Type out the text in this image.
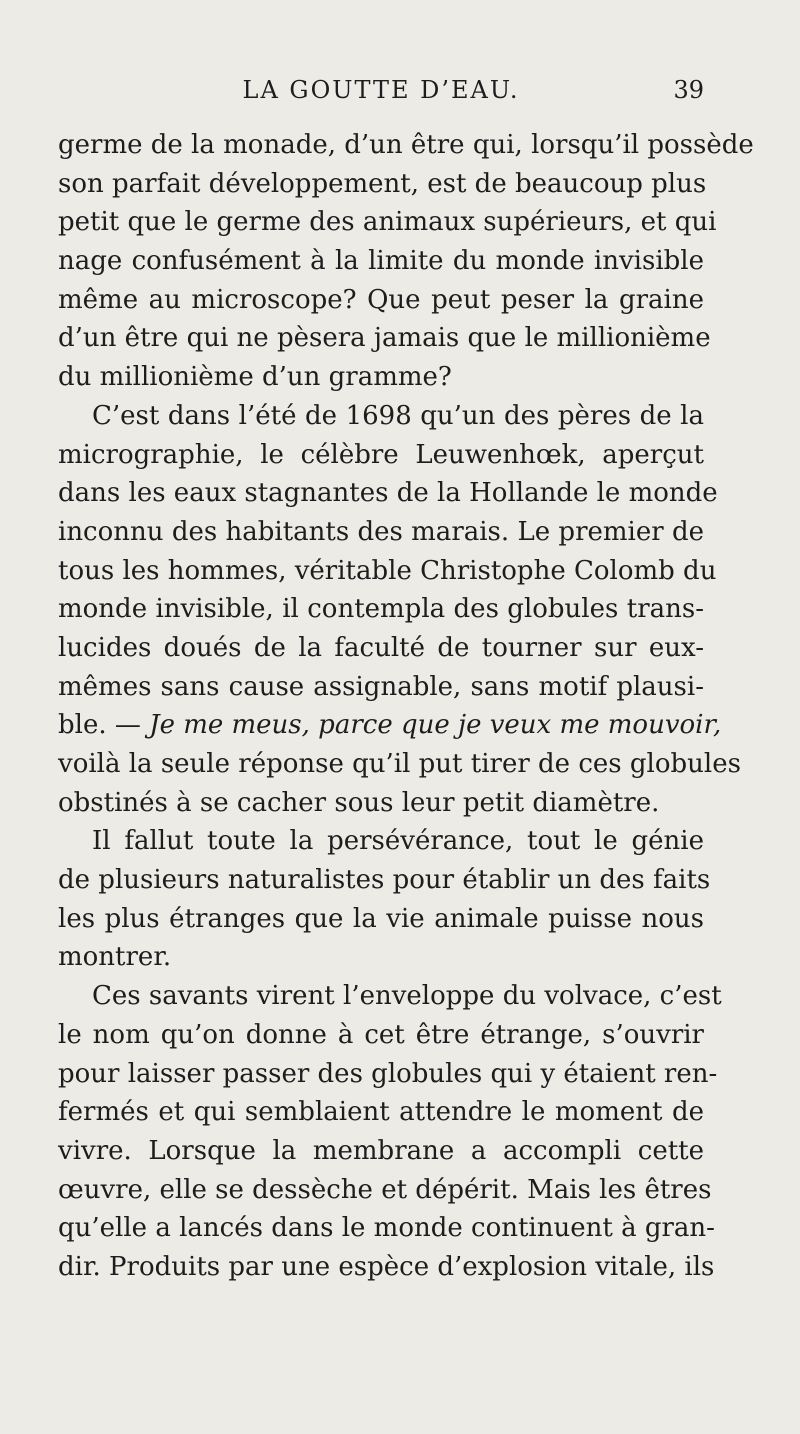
LA GOUTTE D’EAU.	39
germe de la monade, d’un être qui, lorsqu’il possède
son parfait développement, est de beaucoup plus
petit que le germe des animaux supérieurs, et qui
nage confusément à la limite du monde invisible
même au microscope? Que peut peser la graine
d’un être qui ne pèsera jamais que le millionième
du millionième d’un gramme?
C’est dans l’été de 1698 qu’un des pères de la
micrographie, le célèbre Leuwenhœk, aperçut
dans les eaux stagnantes de la Hollande le monde
inconnu des habitants des marais. Le premier de
tous les hommes, véritable Christophe Colomb du
monde invisible, il contempla des globules trans-
lucides doués de la faculté de tourner sur eux-
mêmes sans cause assignable, sans motif plausi-
ble. — Je me meus, parce que je veux me mouvoir,
voilà la seule réponse qu’il put tirer de ces globules
obstinés à se cacher sous leur petit diamètre.
Il fallut toute la persévérance, tout le génie
de plusieurs naturalistes pour établir un des faits
les plus étranges que la vie animale puisse nous
montrer.
Ces savants virent l’enveloppe du volvace, c’est
le nom qu’on donne à cet être étrange, s’ouvrir
pour laisser passer des globules qui y étaient ren-
fermés et qui semblaient attendre le moment de
vivre. Lorsque la membrane a accompli cette
œuvre, elle se dessèche et dépérit. Mais les êtres
qu’elle a lancés dans le monde continuent à gran-
dir. Produits par une espèce d’explosion vitale, ils
